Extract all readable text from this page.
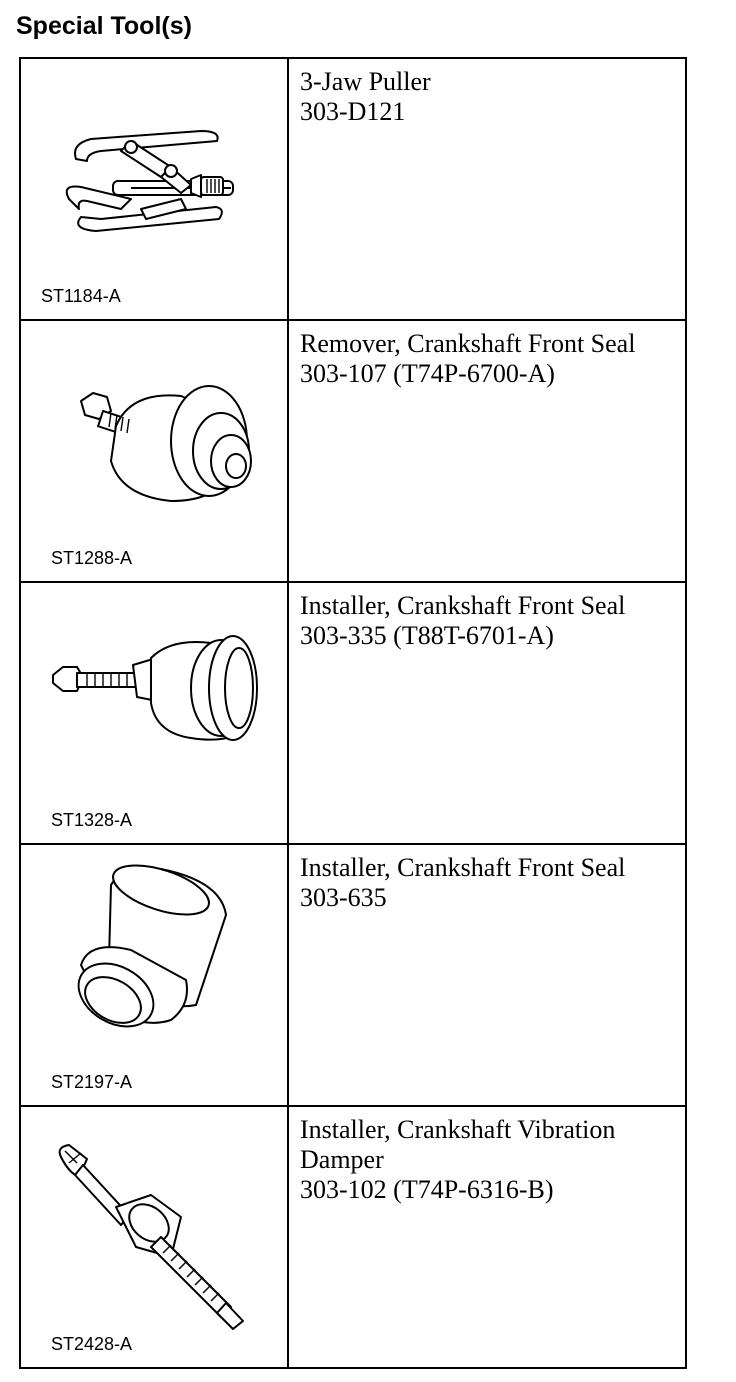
Special Tool(s)
ST1184-A	3-Jaw Puller
303-D121

ST1288-A	Remover, Crankshaft Front Seal
303-107 (T74P-6700-A)

ST1328-A	Installer, Crankshaft Front Seal
303-335 (T88T-6701-A)

ST2197-A	Installer, Crankshaft Front Seal
303-635

ST2428-A	Installer, Crankshaft Vibration
Damper
303-102 (T74P-6316-B)
